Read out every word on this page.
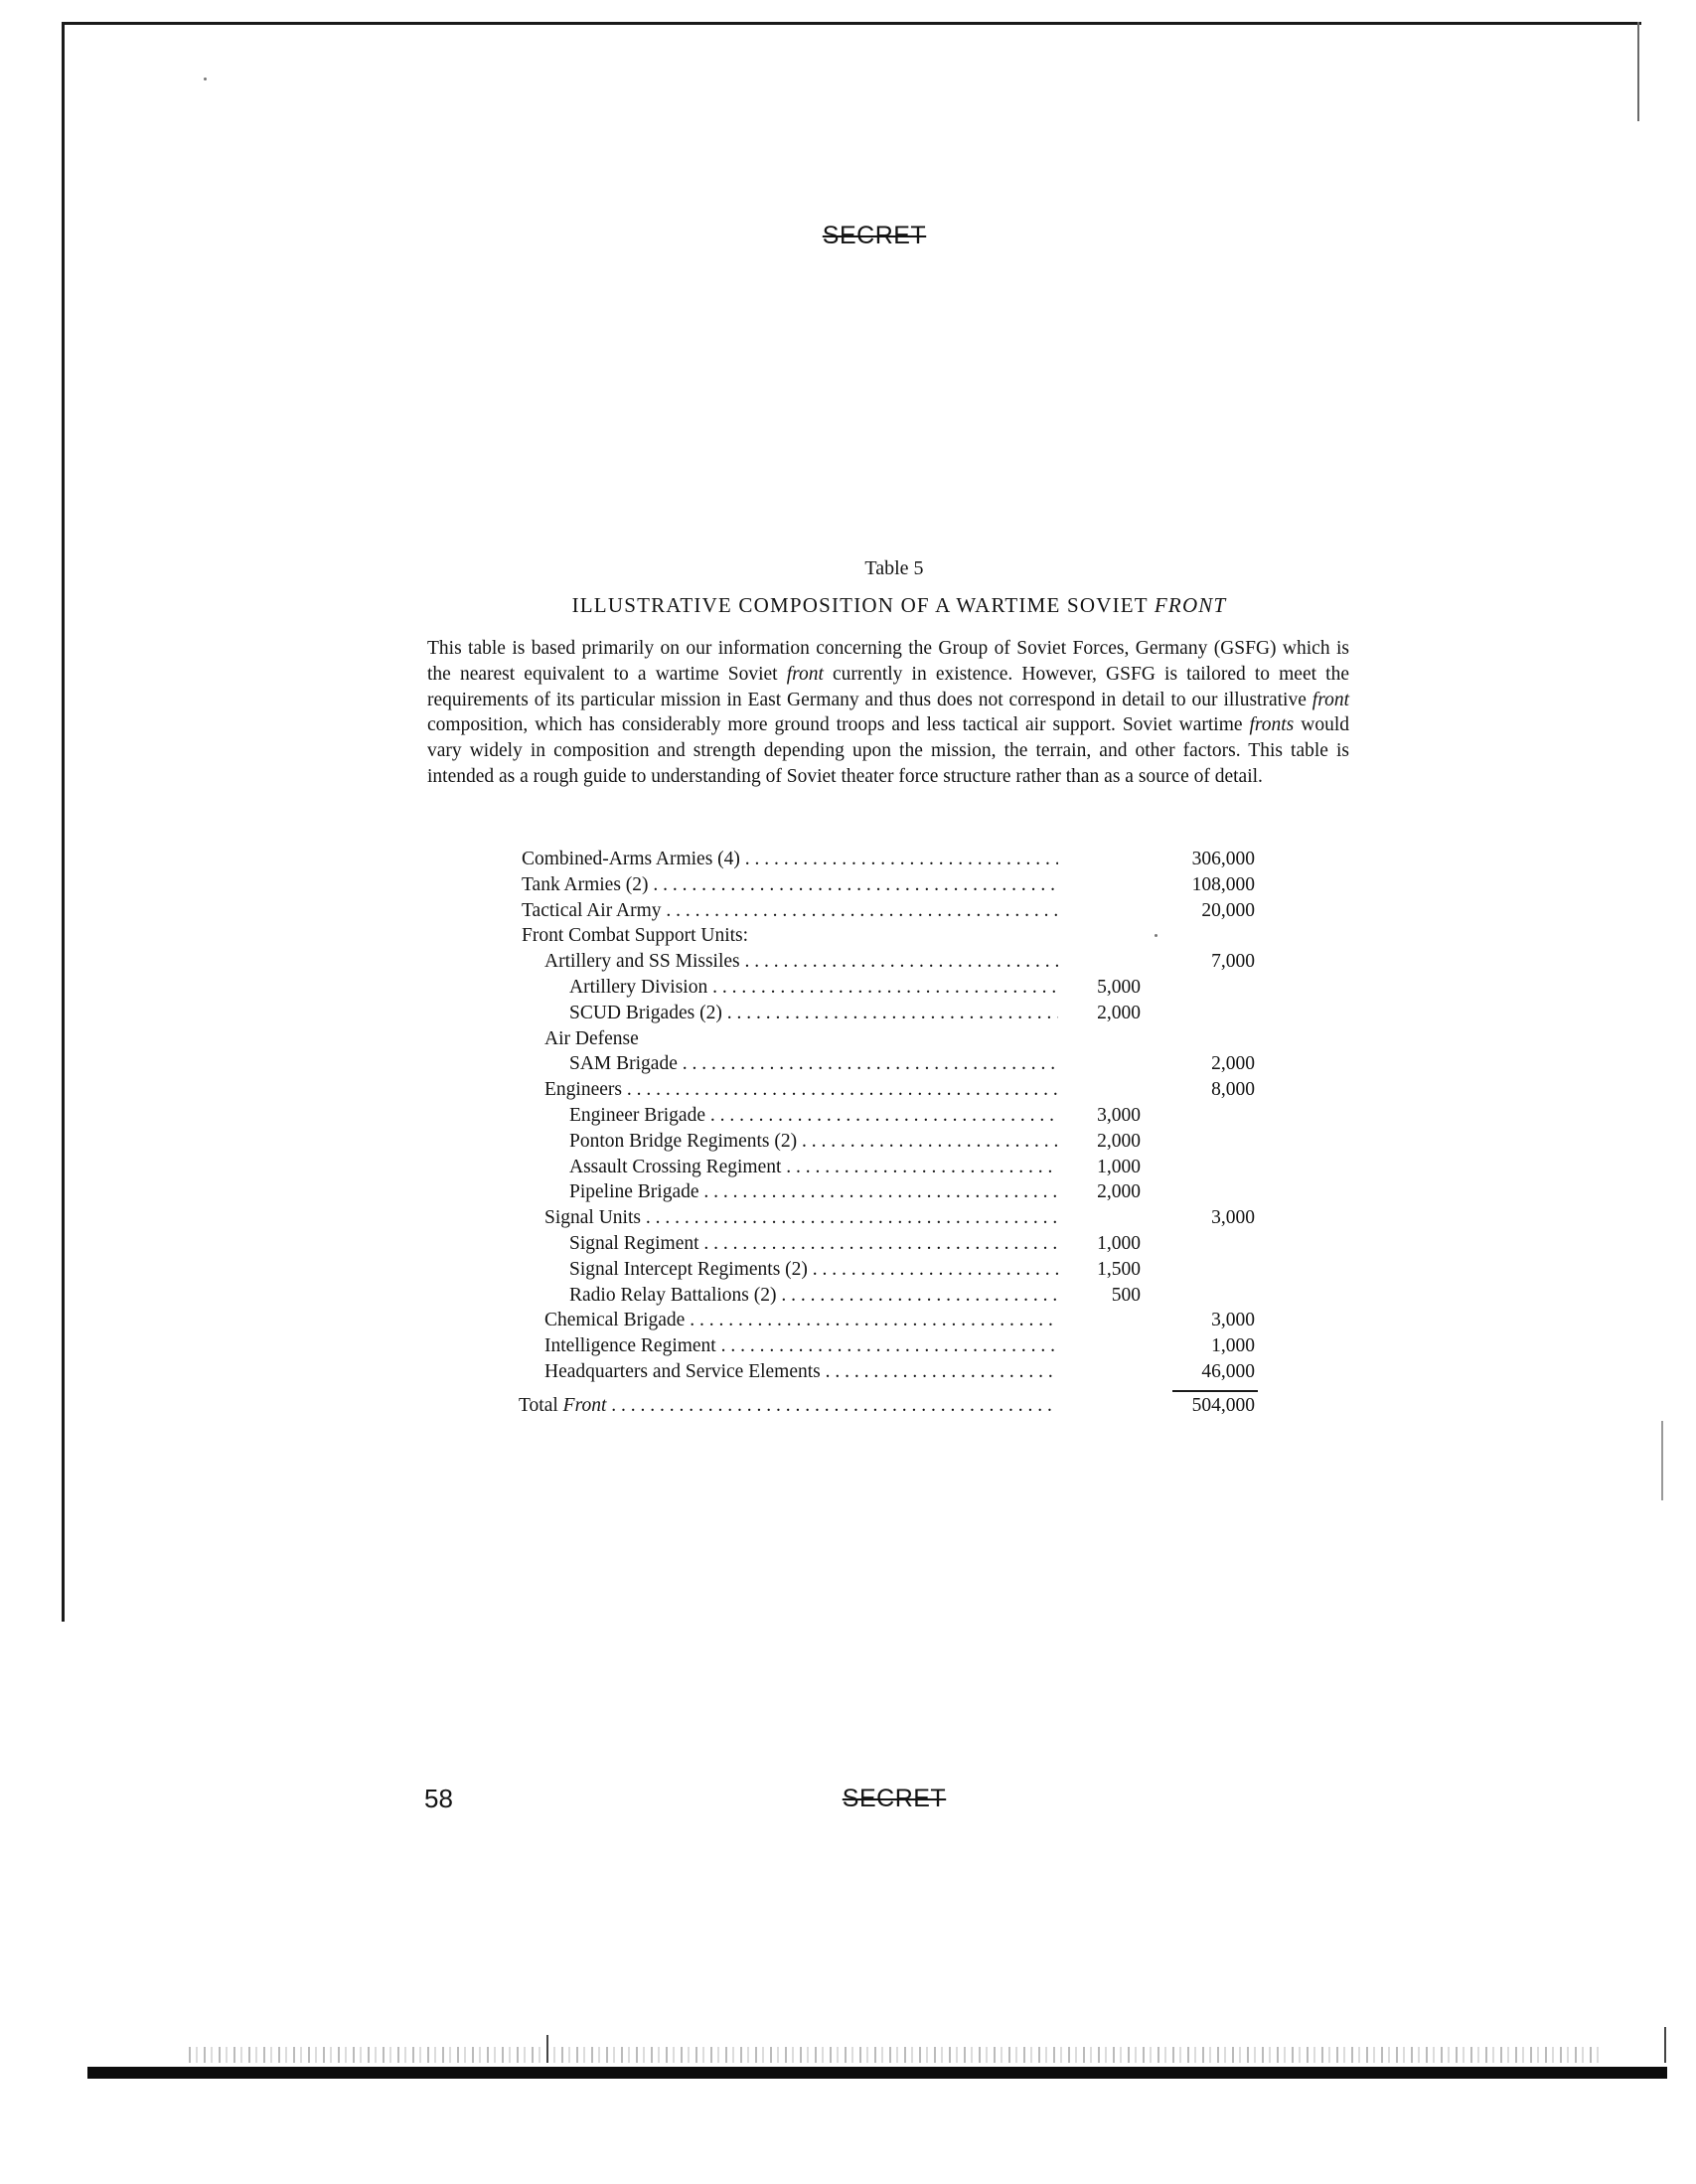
SECRET
Table 5
ILLUSTRATIVE COMPOSITION OF A WARTIME SOVIET FRONT
This table is based primarily on our information concerning the Group of Soviet Forces, Germany (GSFG) which is the nearest equivalent to a wartime Soviet front currently in existence. However, GSFG is tailored to meet the requirements of its particular mission in East Germany and thus does not correspond in detail to our illustrative front composition, which has considerably more ground troops and less tactical air support. Soviet wartime fronts would vary widely in composition and strength depending upon the mission, the terrain, and other factors. This table is intended as a rough guide to understanding of Soviet theater force structure rather than as a source of detail.
Combined-Arms Armies (4) . . .	306,000
Tank Armies (2) . . .	108,000
Tactical Air Army . . .	20,000
Front Combat Support Units:
Artillery and SS Missiles . . .	7,000
Artillery Division . . .	5,000
SCUD Brigades (2) . . .	2,000
Air Defense
SAM Brigade . . .	2,000
Engineers . . .	8,000
Engineer Brigade . . .	3,000
Ponton Bridge Regiments (2) . . .	2,000
Assault Crossing Regiment . . .	1,000
Pipeline Brigade . . .	2,000
Signal Units . . .	3,000
Signal Regiment . . .	1,000
Signal Intercept Regiments (2) . . .	1,500
Radio Relay Battalions (2) . . .	500
Chemical Brigade . . .	3,000
Intelligence Regiment . . .	1,000
Headquarters and Service Elements . . .	46,000
Total Front . . .	504,000
58	SECRET
